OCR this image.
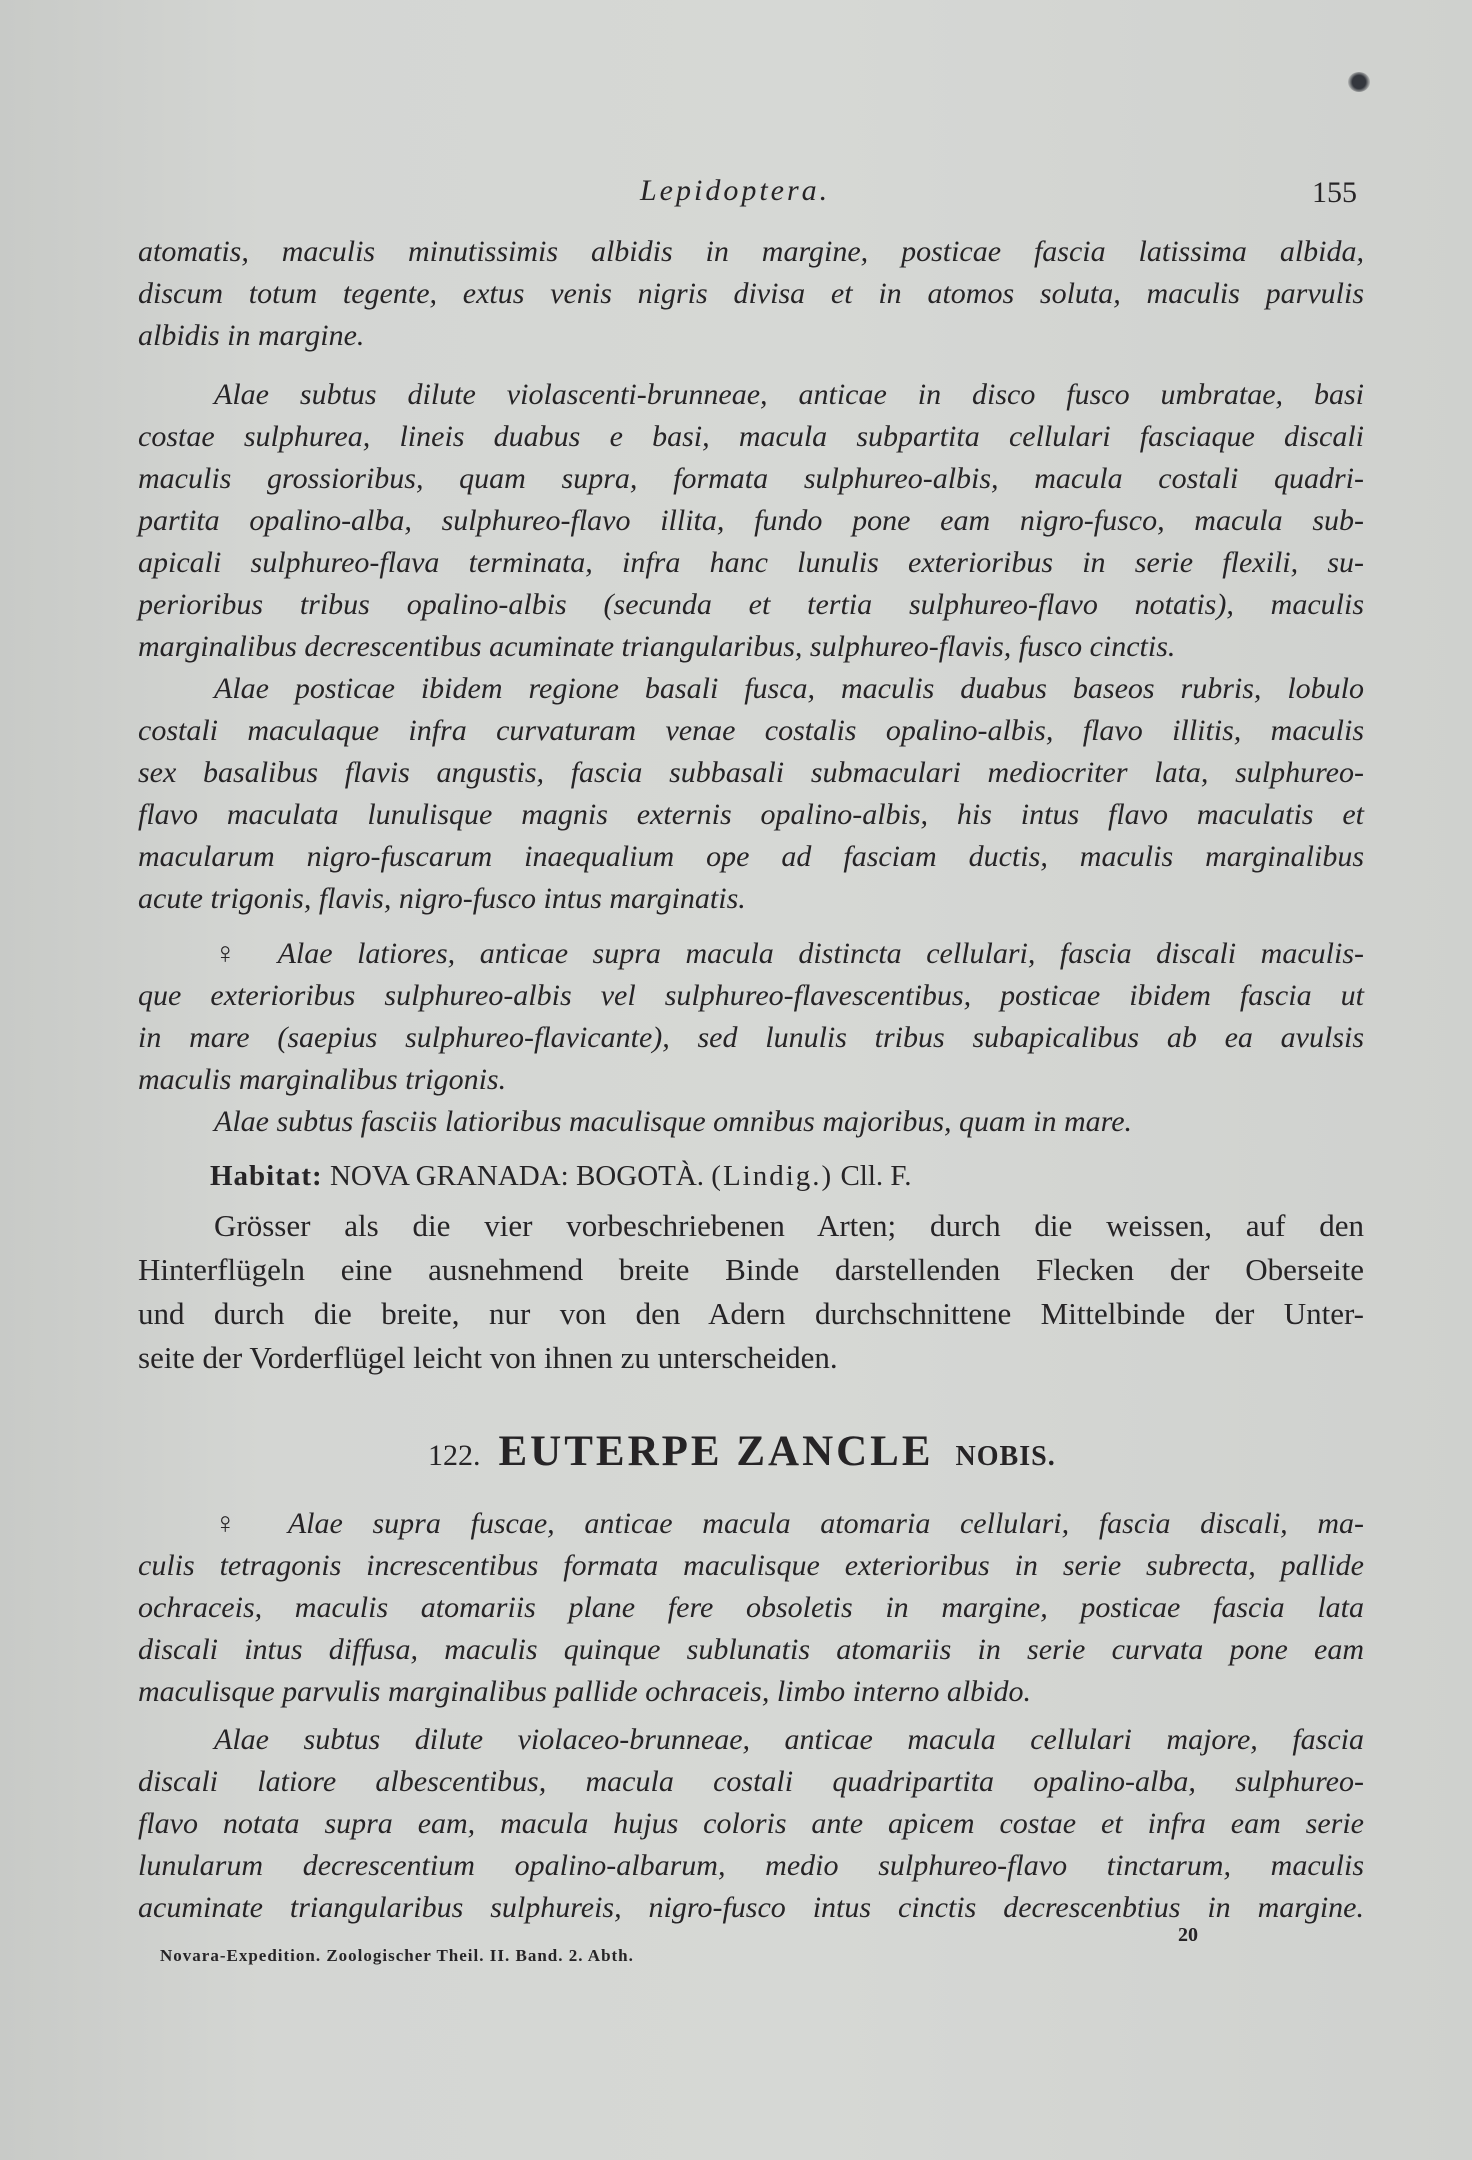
Lepidoptera.	155
atomatis, maculis minutissimis albidis in margine, posticae fascia latissima albida,
discum totum tegente, extus venis nigris divisa et in atomos soluta, maculis parvulis
albidis in margine.
Alae subtus dilute violascenti-brunneae, anticae in disco fusco umbratae, basi
costae sulphurea, lineis duabus e basi, macula subpartita cellulari fasciaque discali
maculis grossioribus, quam supra, formata sulphureo-albis, macula costali quadri-
partita opalino-alba, sulphureo-flavo illita, fundo pone eam nigro-fusco, macula sub-
apicali sulphureo-flava terminata, infra hanc lunulis exterioribus in serie flexili, su-
perioribus tribus opalino-albis (secunda et tertia sulphureo-flavo notatis), maculis
marginalibus decrescentibus acuminate triangularibus, sulphureo-flavis, fusco cinctis.
Alae posticae ibidem regione basali fusca, maculis duabus baseos rubris, lobulo
costali maculaque infra curvaturam venae costalis opalino-albis, flavo illitis, maculis
sex basalibus flavis angustis, fascia subbasali submaculari mediocriter lata, sulphureo-
flavo maculata lunulisque magnis externis opalino-albis, his intus flavo maculatis et
macularum nigro-fuscarum inaequalium ope ad fasciam ductis, maculis marginalibus
acute trigonis, flavis, nigro-fusco intus marginatis.
♀ Alae latiores, anticae supra macula distincta cellulari, fascia discali maculis-
que exterioribus sulphureo-albis vel sulphureo-flavescentibus, posticae ibidem fascia ut
in mare (saepius sulphureo-flavicante), sed lunulis tribus subapicalibus ab ea avulsis
maculis marginalibus trigonis.
Alae subtus fasciis latioribus maculisque omnibus majoribus, quam in mare.
Habitat: NOVA GRANADA: BOGOTÀ. (Lindig.) Cll. F.
Grösser als die vier vorbeschriebenen Arten; durch die weissen, auf den
Hinterflügeln eine ausnehmend breite Binde darstellenden Flecken der Oberseite
und durch die breite, nur von den Adern durchschnittene Mittelbinde der Unter-
seite der Vorderflügel leicht von ihnen zu unterscheiden.
122. EUTERPE ZANCLE NOBIS.
♀ Alae supra fuscae, anticae macula atomaria cellulari, fascia discali, ma-
culis tetragonis increscentibus formata maculisque exterioribus in serie subrecta, pallide
ochraceis, maculis atomariis plane fere obsoletis in margine, posticae fascia lata
discali intus diffusa, maculis quinque sublunatis atomariis in serie curvata pone eam
maculisque parvulis marginalibus pallide ochraceis, limbo interno albido.
Alae subtus dilute violaceo-brunneae, anticae macula cellulari majore, fascia
discali latiore albescentibus, macula costali quadripartita opalino-alba, sulphureo-
flavo notata supra eam, macula hujus coloris ante apicem costae et infra eam serie
lunularum decrescentium opalino-albarum, medio sulphureo-flavo tinctarum, maculis
acuminate triangularibus sulphureis, nigro-fusco intus cinctis decrescenbtius in margine.
20
Novara-Expedition. Zoologischer Theil. II. Band. 2. Abth.
